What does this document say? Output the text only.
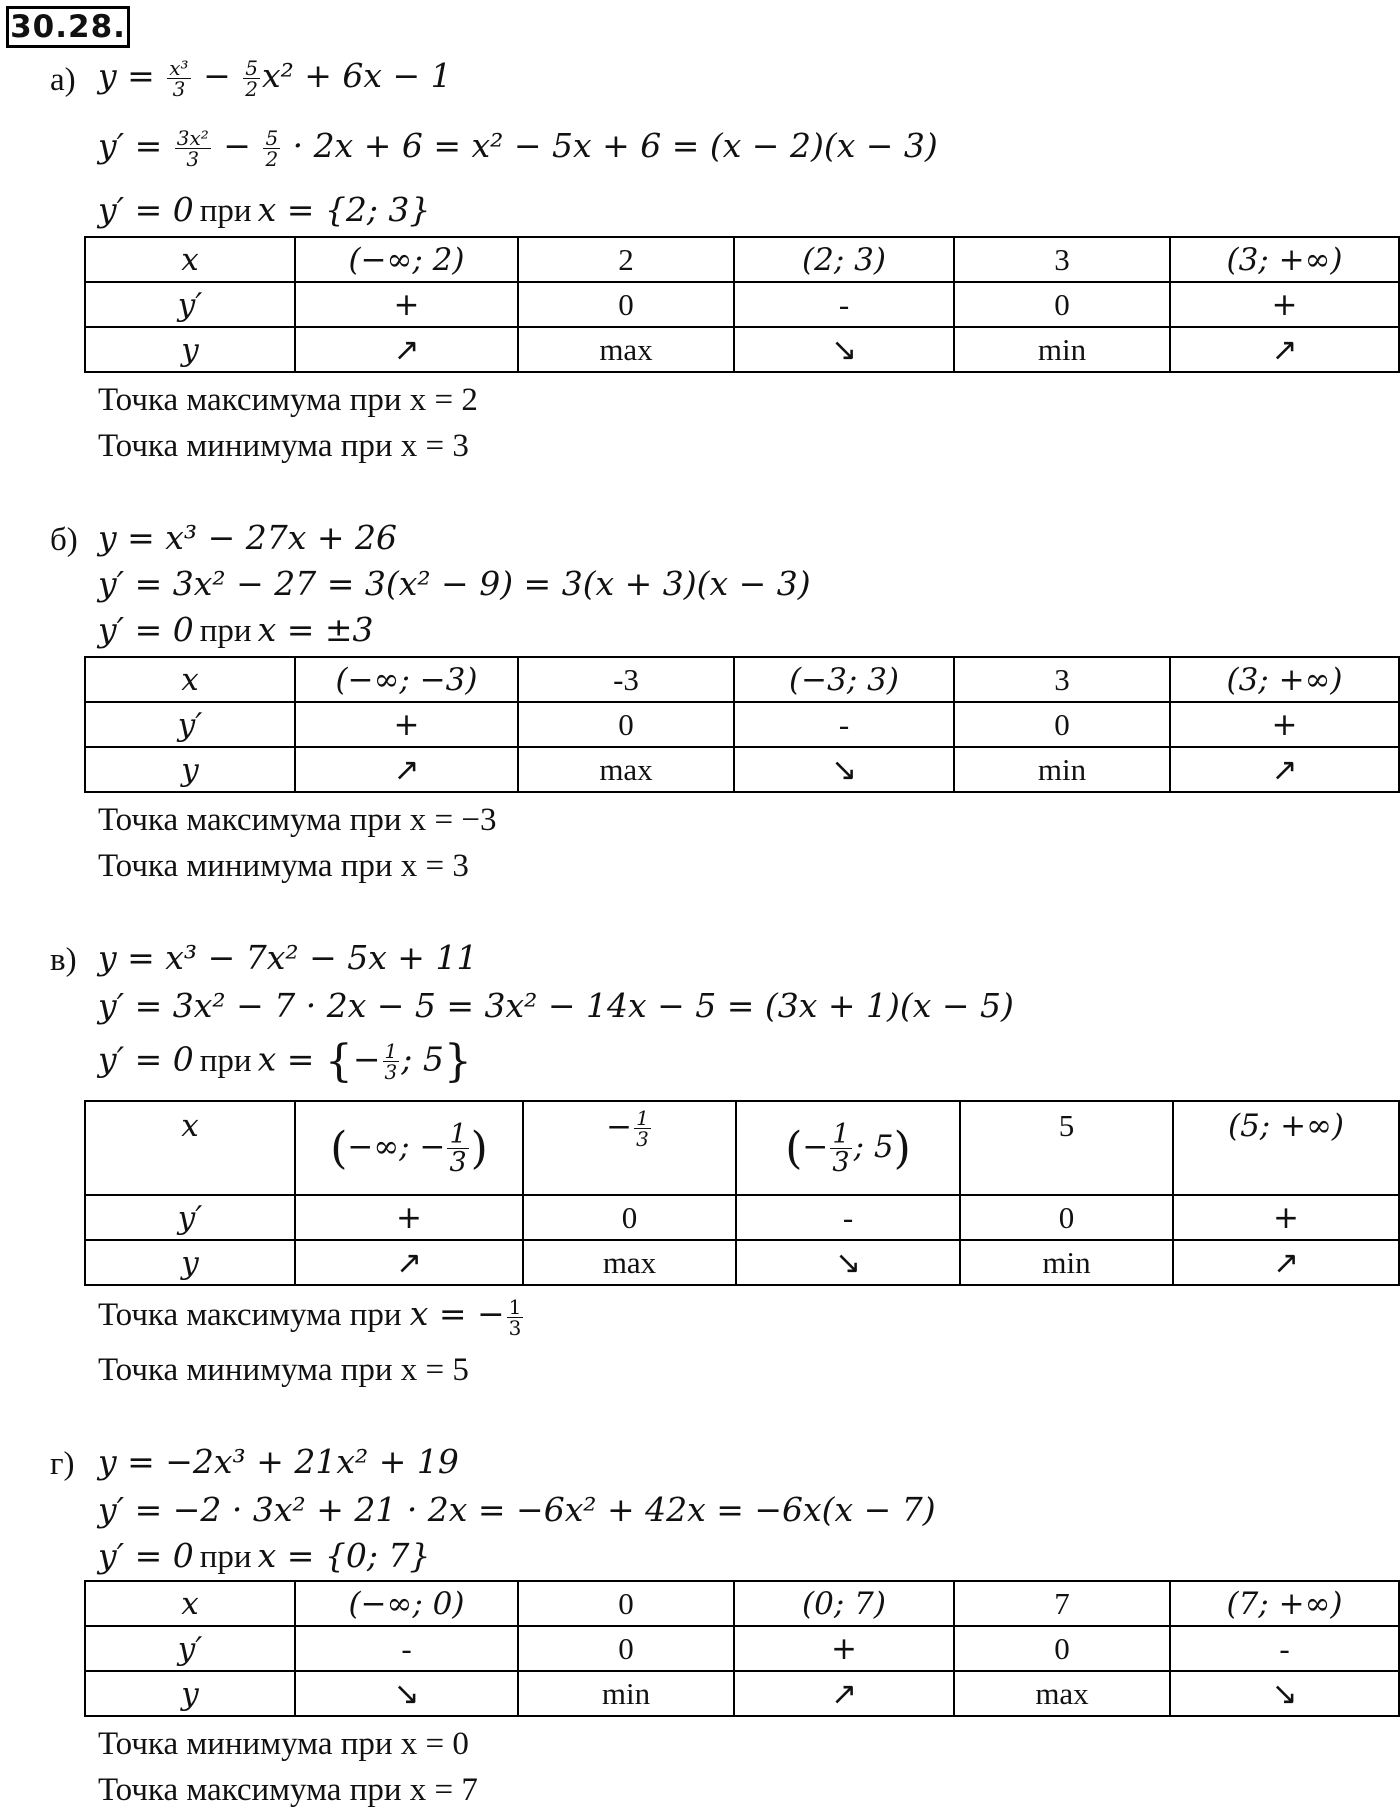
30.28.
а) $y = \frac{\text{x³}}{3} - \frac{5}{2} x^2 + 6x - 1$
$y' = \frac{\text{3x²}}{3} - \frac{5}{2} \cdot 2x + 6 = x^2 - 5x + 6 = (x - 2)(x - 3)$
y′ = 0 при x = {2; 3}
x	(−∞; 2)	2	(2; 3)	3	(3; +∞)
y′	+	0	-	0	+
y	↗	max	↘	min	↗
Точка максимума при x = 2
Точка минимума при x = 3
б) y = x³ − 27x + 26
y′ = 3x² − 27 = 3(x² − 9) = 3(x + 3)(x − 3)
y′ = 0 при x = ±3
x	(−∞; −3)	-3	(−3; 3)	3	(3; +∞)
y′	+	0	-	0	+
y	↗	max	↘	min	↗
Точка максимума при x = −3
Точка минимума при x = 3
в) y = x³ − 7x² − 5x + 11
y′ = 3x² − 7 · 2x − 5 = 3x² − 14x − 5 = (3x + 1)(x − 5)
y′ = 0 при x = {− $\frac{1}{3}$ ; 5}
x	(−∞; − $\frac{1}{3}$ )	− $\frac{1}{3}$	(− $\frac{1}{3}$ ; 5)	5	(5; +∞)
y′	+	0	-	0	+
y	↗	max	↘	min	↗
Точка максимума при x = − $\frac{1}{3}$
Точка минимума при x = 5
г) y = −2x³ + 21x² + 19
y′ = −2 · 3x² + 21 · 2x = −6x² + 42x = −6x(x − 7)
y′ = 0 при x = {0; 7}
x	(−∞; 0)	0	(0; 7)	7	(7; +∞)
y′	-	0	+	0	-
y	↘	min	↗	max	↘
Точка минимума при x = 0
Точка максимума при x = 7
